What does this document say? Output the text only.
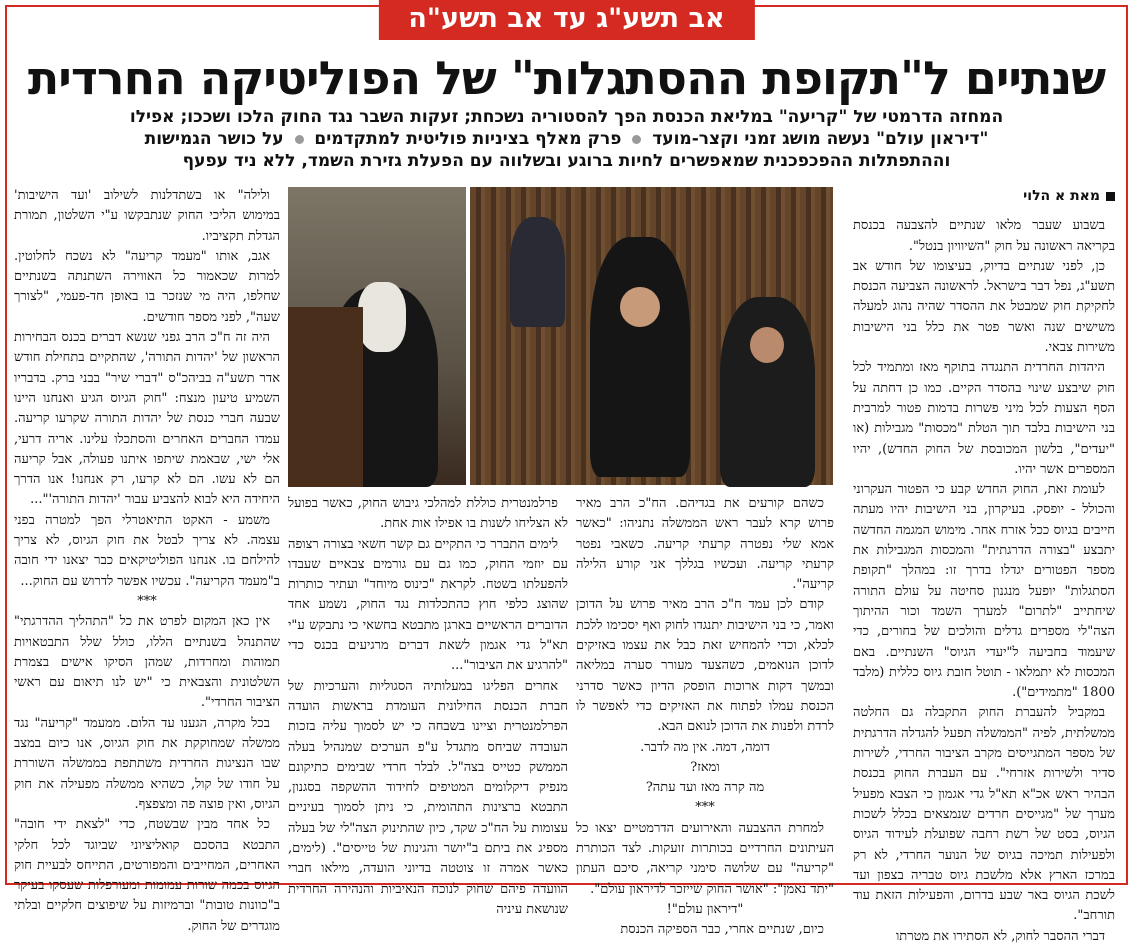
אב תשע"ג עד אב תשע"ה
שנתיים ל"תקופת ההסתגלות" של הפוליטיקה החרדית
המחזה הדרמטי של "קריעה" במליאת הכנסת הפך להסטוריה נשכחת; זעקות השבר נגד החוק הלכו ושככו; אפילו
"דיראון עולם" נעשה מושג זמני וקצר-מועד  פרק מאלף בציניות פוליטית למתקדמים  על כושר הגמישות
וההתפתלות ההפכפכנית שמאפשרים לחיות ברוגע ובשלווה עם הפעלת גזירת השמד, ללא ניד עפעף
מאת א הלוי

בשבוע שעבר מלאו שנתיים להצבעה בכנסת בקריאה ראשונה על חוק "השיוויון בנטל".

כן, לפני שנתיים בדיוק, בעיצומו של חודש אב תשע"ג, נפל דבר בישראל. לראשונה הצביעה הכנסת לחקיקת חוק שמבטל את ההסדר שהיה נהוג למעלה משישים שנה ואשר פטר את כלל בני הישיבות משירות צבאי.

היהדות החרדית התנגדה בתוקף מאז ומתמיד לכל חוק שיבצע שינוי בהסדר הקיים. כמו כן דחתה על הסף הצעות לכל מיני פשרות בדמות פטור למרבית בני הישיבות בלבד תוך הטלת "מכסות" מגבילות (או "יעדים", בלשון המכובסת של החוק החדש), יהיו המספרים אשר יהיו.

לעומת זאת, החוק החדש קבע כי הפטור העקרוני והכולל - יופסק. בעיקרון, בני הישיבות יהיו מעתה חייבים בגיוס ככל אזרח אחר. מימוש המגמה החדשה יתבצע "בצורה הדרגתית" והמכסות המגבילות את מספר הפטורים יגדלו בדרך זו: במהלך "תקופת הסתגלות" יופעל מנגנון סחיטה על עולם התורה שיחתייב "לתרום" למערך השמד וכור ההיתוך הצה"לי מספרים גדלים והולכים של בחורים, כדי שיעמוד בחביעה ל"יעדי הגיוס" השנתיים. באם המכסות לא יתמלאו - תוטל חובת גיוס כללית (מלבד 1800 "מתמידים").

במקביל להעברת החוק התקבלה גם החלטה ממשלתית, לפיה "הממשלה תפעל להגדלה הדרגתית של מספר המתגייסים מקרב הציבור החרדי, לשירות סדיר ולשירות אזרחי". עם העברת החוק בכנסת הבהיר ראש אכ"א תא"ל גדי אגמון כי הצבא מפעיל מערך של "מגייסים חרדים שנמצאים בכלל לשכות הגיוס, בסט של רשת רחבה שפועלת לעידוד הגיוס ולפעילות תמיכה בגיוס של הנוער החרדי, לא רק במרכז הארץ אלא מלשכת גיוס טבריה בצפון ועד לשכת הגיוס באר שבע בדרום, והפעילות הזאת עוד תורחב".

דברי ההסבר לחוק, לא הסתירו את מטרתו

כשהם קורעים את בגדיהם. הח"כ הרב מאיר פרוש קרא לעבר ראש הממשלה נתניהו: "כאשר אמא שלי נפטרה קרעתי קריעה. כשאבי נפטר קרעתי קריעה. ועכשיו בגללך אני קורע הלילה קריעה".

קודם לכן עמד ח"כ הרב מאיר פרוש על הדוכן ואמר, כי בני הישיבות יתנגדו לחוק ואף יסכימו ללכת לכלא, וכדי להמחיש זאת כבל את עצמו באזיקים לדוכן הנואמים, כשהצעד מעורר סערה במליאה ובמשך דקות ארוכות הופסק הדיון כאשר סדרני הכנסת עמלו לפתוח את האזיקים כדי לאפשר לו לרדת ולפנות את הדוכן לנואם הבא.

דומה, דמה. אין מה לדבר.

ומאז?

מה קרה מאז ועד עתה?

***

למחרת ההצבעה והאירועים הדרמטיים יצאו כל העיתונים החרדיים בכותרות זועקות. לצד הכותרת "קריעה" עם שלושה סימני קריאה, סיכם העתון "יתד נאמן": "אושר החוק שייזכר לדיראון עולם".

"דיראון עולם"!

כיום, שנתיים אחרי, כבר הספיקה הכנסת

פרלמנטרית כוללת למהלכי גיבוש החוק, כאשר בפועל לא הצליחו לשנות בו אפילו אות אחת.

לימים התברר כי התקיים גם קשר חשאי בצורה רצופה עם יוזמי החוק, כמו גם עם גורמים צבאיים שעבדו להפעלתו בשטח. לקראת "כינוס מיוחד" ועתיר כותרות שהוצג כלפי חוץ כהתכלדות נגד החוק, נשמע אחד הדוברים הראשיים בארגן מתבטא בחשאי כי נתבקש ע"י תא"ל גדי אגמון לשאת דברים מרגיעים בכנס כדי "להרגיע את הציבור"...

אחרים הפליגו במעלותיה הסגוליות והערכיות של חברת הכנסת החילונית העומדת בראשות הועדה הפרלמנטרית וציינו בשבחה כי יש לסמוך עליה בזכות העובדה שביחס מתגדל ע"פ הערכים שמנהיל בעלה הממשק כטייס בצה"ל. לבלר חרדי שבימים כתיקונם מנפיק דיקלומים המטיפים לחידוד ההשקפה בסגנון, התבטא ברצינות התהומית, כי ניתן לסמוך בעיניים עצומות על הח"כ שקד, כיון שהתינוק הצה"לי של בעלה מספיג את ביתם ב"יושר והגינות של טייסים". (לימים, כאשר אמרה זו צוטטה בדיוני הועדה, מילאו חברי הוועדה פיהם שחוק לנוכח הנאיביות והנהירה החרדית שנושאת עיניה

ולילה" או בשתדלנות לשילוב 'ועד הישיבות' במימוש הליכי החוק שנתבקשו ע"י השלטון, תמורת הגדלת תקציביו.

אגב, אותו "מעמד קריעה" לא נשכח לחלוטין. למרות שכאמור כל האווירה השתנתה בשנתיים שחלפו, היה מי שנזכר בו באופן חד-פעמי, "לצורך שעה", לפני מספר חודשים.

היה זה ח"כ הרב גפני שנשא דברים בכנס הבחירות הראשון של 'יהדות התורה', שהתקיים בתחילת חודש אדר תשע"ה בביהכ"ס "דברי שיר" בבני ברק. בדבריו השמיע טיעון מנצח: "חוק הגיוס הגיע ואנחנו היינו שבעה חברי כנסת של יהדות התורה שקרעו קריעה. עמדו החברים האחרים והסתכלו עלינו. אריה דרעי, אלי ישי, שבאמת שיתפו איתנו פעולה, אבל קריעה הם לא עשו. הם לא קרעו, רק אנחנו! אנו הדרך היחידה היא לבוא להצביע עבור 'יהדות התורה'"...

משמע - האקט התיאטרלי הפך למטרה בפני עצמה. לא צריך לבטל את חוק הגיוס, לא צריך להילחם בו. אנחנו הפוליטיקאים כבר יצאנו ידי חובה ב"מעמד הקריעה". עכשיו אפשר לדרוש עם החוק...

***

אין כאן המקום לפרט את כל "התהליך ההדרגתי" שהתנהל בשנתיים הללו, כולל שלל התבטאויות תמוהות ומחרדות, שמהן הסיקו אישים בצמרת השלטונית והצבאית כי "יש לנו תיאום עם ראשי הציבור החרדי".

בכל מקרה, הגענו עד הלום. ממעמד "קריעה" נגד ממשלה שמחוקקת את חוק הגיוס, אנו כיום במצב שבו הנציגות החרדית משתתפת בממשלה השוררת על חודו של קול, כשהיא ממשלה מפעילה את חוק הגיוס, ואין פוצה פה ומצפצף.

כל אחד מבין שבשטח, כדי "לצאת ידי חובה" התבטא בהסכם קואליציוני שביוגד לכל חלקי האחרים, המחייבים והמפורטים, התייחס לבעיית חוק הגיוס בכמה שורות עמומות ומעורפלות שעסקו בעיקר ב"כוונות טובות" וברמיזות על שיפוצים חלקיים ובלתי מוגדרים של החוק.
